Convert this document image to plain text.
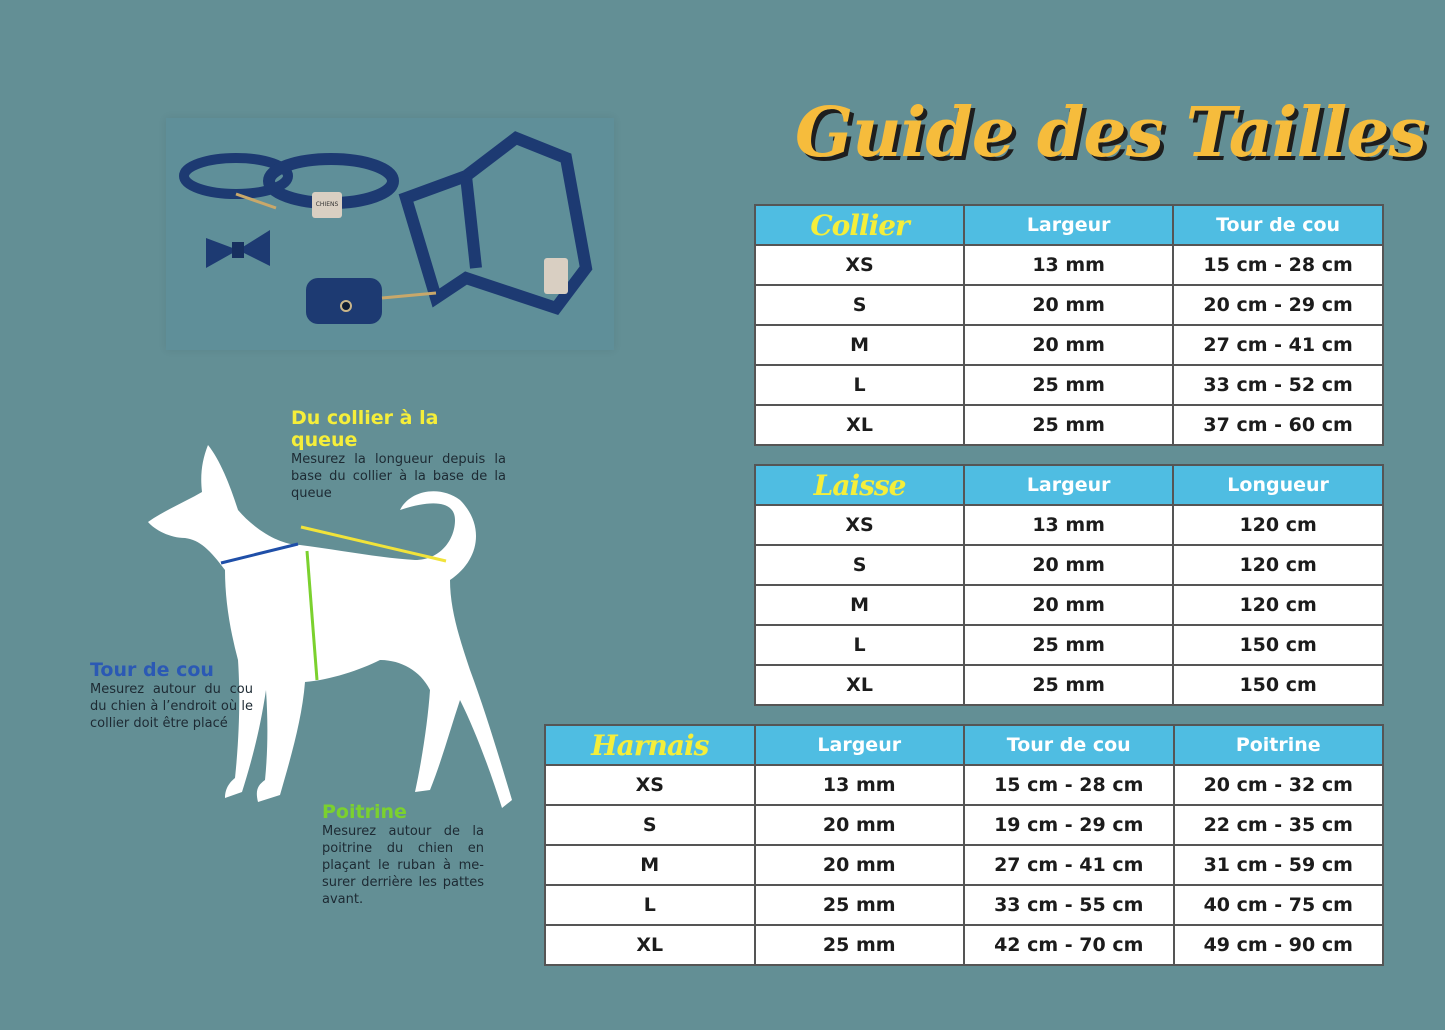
Guide des Tailles
CHIENS
Du collier à la queue
Mesurez la longueur depuis la base du collier à la base de la queue
Tour de cou
Mesurez autour du cou du chien à l’endroit où le collier doit être placé
Poitrine
Mesurez autour de la poitrine du chien en plaçant le ruban à me-surer derrière les pattes avant.
Collier	Largeur	Tour de cou
XS	13 mm	15 cm - 28 cm
S	20 mm	20 cm - 29 cm
M	20 mm	27 cm - 41 cm
L	25 mm	33 cm - 52 cm
XL	25 mm	37 cm - 60 cm
Laisse	Largeur	Longueur
XS	13 mm	120 cm
S	20 mm	120 cm
M	20 mm	120 cm
L	25 mm	150 cm
XL	25 mm	150 cm
Harnais	Largeur	Tour de cou	Poitrine
XS	13 mm	15 cm - 28 cm	20 cm - 32 cm
S	20 mm	19 cm - 29 cm	22 cm - 35 cm
M	20 mm	27 cm - 41 cm	31 cm - 59 cm
L	25 mm	33 cm - 55 cm	40 cm - 75 cm
XL	25 mm	42 cm - 70 cm	49 cm - 90 cm
